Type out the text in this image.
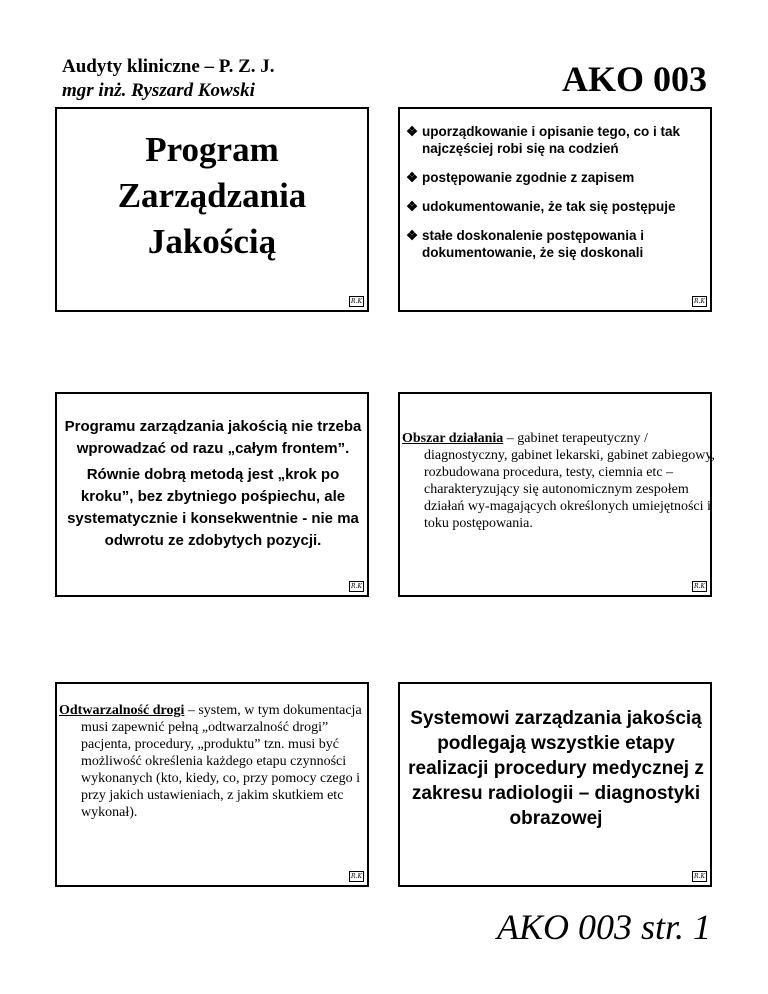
Audyty kliniczne – P. Z. J.
mgr inż. Ryszard Kowski	AKO 003
Program
Zarządzania
Jakością
R.K
❖ uporządkowanie i opisanie tego, co i tak najczęściej robi się na codzień
❖ postępowanie zgodnie z zapisem
❖ udokumentowanie, że tak się postępuje
❖ stałe doskonalenie postępowania i dokumentowanie, że się doskonali
R.K
Programu zarządzania jakością nie trzeba wprowadzać od razu „całym frontem”.
Równie dobrą metodą jest „krok po kroku”, bez zbytniego pośpiechu, ale systematycznie i konsekwentnie - nie ma odwrotu ze zdobytych pozycji.
R.K
Obszar działania – gabinet terapeutyczny / diagnostyczny, gabinet lekarski, gabinet zabiegowy, rozbudowana procedura, testy, ciemnia etc – charakteryzujący się autonomicznym zespołem działań wy-magających określonych umiejętności i toku postępowania.
R.K
Odtwarzalność drogi – system, w tym dokumentacja musi zapewnić pełną „odtwarzalność drogi” pacjenta, procedury, „produktu” tzn. musi być możliwość określenia każdego etapu czynności wykonanych (kto, kiedy, co, przy pomocy czego i przy jakich ustawieniach, z jakim skutkiem etc wykonał).
R.K
Systemowi zarządzania jakością podlegają wszystkie etapy realizacji procedury medycznej z zakresu radiologii – diagnostyki obrazowej
R.K
AKO 003 str. 1
